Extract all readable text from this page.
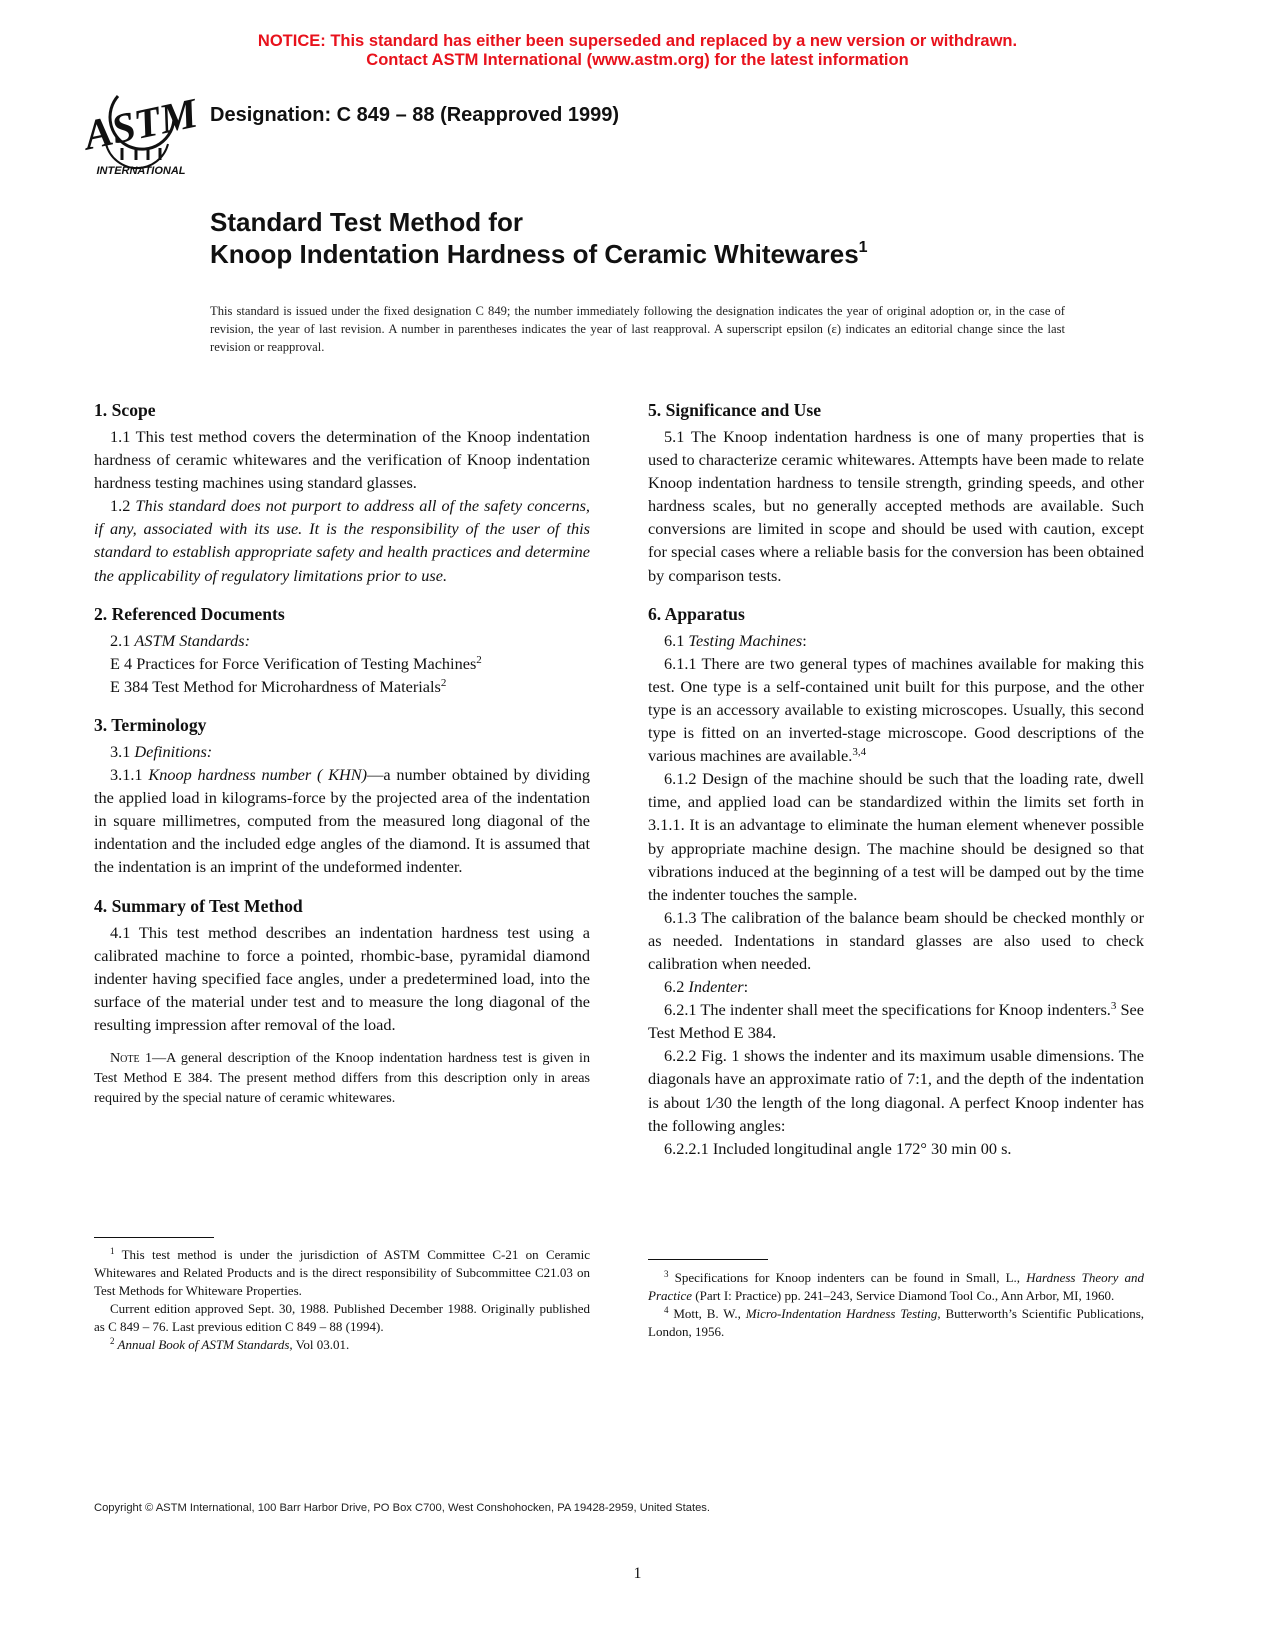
NOTICE: This standard has either been superseded and replaced by a new version or withdrawn.
Contact ASTM International (www.astm.org) for the latest information
ASTM
INTERNATIONAL
Designation: C 849 – 88 (Reapproved 1999)
Standard Test Method for
Knoop Indentation Hardness of Ceramic Whitewares$^1$
This standard is issued under the fixed designation C 849; the number immediately following the designation indicates the year of original adoption or, in the case of revision, the year of last revision. A number in parentheses indicates the year of last reapproval. A superscript epsilon (ε) indicates an editorial change since the last revision or reapproval.
1. Scope

1.1 This test method covers the determination of the Knoop indentation hardness of ceramic whitewares and the verification of Knoop indentation hardness testing machines using standard glasses.

1.2 This standard does not purport to address all of the safety concerns, if any, associated with its use. It is the responsibility of the user of this standard to establish appropriate safety and health practices and determine the applicability of regulatory limitations prior to use.

2. Referenced Documents

2.1 ASTM Standards:

E 4 Practices for Force Verification of Testing Machines$^2$

E 384 Test Method for Microhardness of Materials$^2$

3. Terminology

3.1 Definitions:

3.1.1 Knoop hardness number ( KHN)—a number obtained by dividing the applied load in kilograms-force by the projected area of the indentation in square millimetres, computed from the measured long diagonal of the indentation and the included edge angles of the diamond. It is assumed that the indentation is an imprint of the undeformed indenter.

4. Summary of Test Method

4.1 This test method describes an indentation hardness test using a calibrated machine to force a pointed, rhombic-base, pyramidal diamond indenter having specified face angles, under a predetermined load, into the surface of the material under test and to measure the long diagonal of the resulting impression after removal of the load.

Note 1—A general description of the Knoop indentation hardness test is given in Test Method E 384. The present method differs from this description only in areas required by the special nature of ceramic whitewares.
5. Significance and Use

5.1 The Knoop indentation hardness is one of many properties that is used to characterize ceramic whitewares. Attempts have been made to relate Knoop indentation hardness to tensile strength, grinding speeds, and other hardness scales, but no generally accepted methods are available. Such conversions are limited in scope and should be used with caution, except for special cases where a reliable basis for the conversion has been obtained by comparison tests.

6. Apparatus

6.1 Testing Machines:

6.1.1 There are two general types of machines available for making this test. One type is a self-contained unit built for this purpose, and the other type is an accessory available to existing microscopes. Usually, this second type is fitted on an inverted-stage microscope. Good descriptions of the various machines are available.$^{3,4}$

6.1.2 Design of the machine should be such that the loading rate, dwell time, and applied load can be standardized within the limits set forth in 3.1.1. It is an advantage to eliminate the human element whenever possible by appropriate machine design. The machine should be designed so that vibrations induced at the beginning of a test will be damped out by the time the indenter touches the sample.

6.1.3 The calibration of the balance beam should be checked monthly or as needed. Indentations in standard glasses are also used to check calibration when needed.

6.2 Indenter:

6.2.1 The indenter shall meet the specifications for Knoop indenters.$^3$ See Test Method E 384.

6.2.2 Fig. 1 shows the indenter and its maximum usable dimensions. The diagonals have an approximate ratio of 7:1, and the depth of the indentation is about 1⁄30 the length of the long diagonal. A perfect Knoop indenter has the following angles:

6.2.2.1 Included longitudinal angle 172° 30 min 00 s.

$^1$ This test method is under the jurisdiction of ASTM Committee C-21 on Ceramic Whitewares and Related Products and is the direct responsibility of Subcommittee C21.03 on Test Methods for Whiteware Properties.

Current edition approved Sept. 30, 1988. Published December 1988. Originally published as C 849 – 76. Last previous edition C 849 – 88 (1994).

$^2$ Annual Book of ASTM Standards, Vol 03.01.

$^3$ Specifications for Knoop indenters can be found in Small, L., Hardness Theory and Practice (Part I: Practice) pp. 241–243, Service Diamond Tool Co., Ann Arbor, MI, 1960.

$^4$ Mott, B. W., Micro-Indentation Hardness Testing, Butterworth’s Scientific Publications, London, 1956.

Copyright © ASTM International, 100 Barr Harbor Drive, PO Box C700, West Conshohocken, PA 19428-2959, United States.
1
